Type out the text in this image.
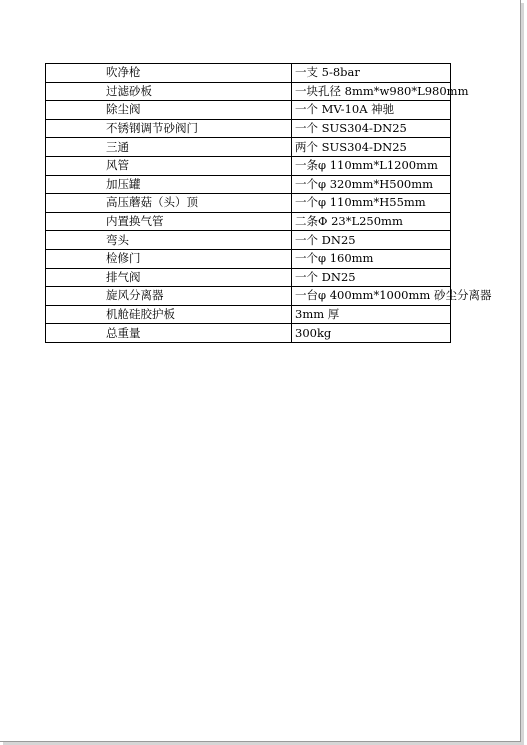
吹净枪	一支 5-8bar
过滤砂板	一块孔径 8mm*w980*L980mm
除尘阀	一个 MV-10A 神驰
不锈钢调节砂阀门	一个 SUS304-DN25
三通	两个 SUS304-DN25
风管	一条φ 110mm*L1200mm
加压罐	一个φ 320mm*H500mm
高压蘑菇（头）顶	一个φ 110mm*H55mm
内置换气管	二条Φ 23*L250mm
弯头	一个 DN25
检修门	一个φ 160mm
排气阀	一个 DN25
旋风分离器	一台φ 400mm*1000mm 砂尘分离器
机舱硅胶护板	3mm 厚
总重量	300kg
